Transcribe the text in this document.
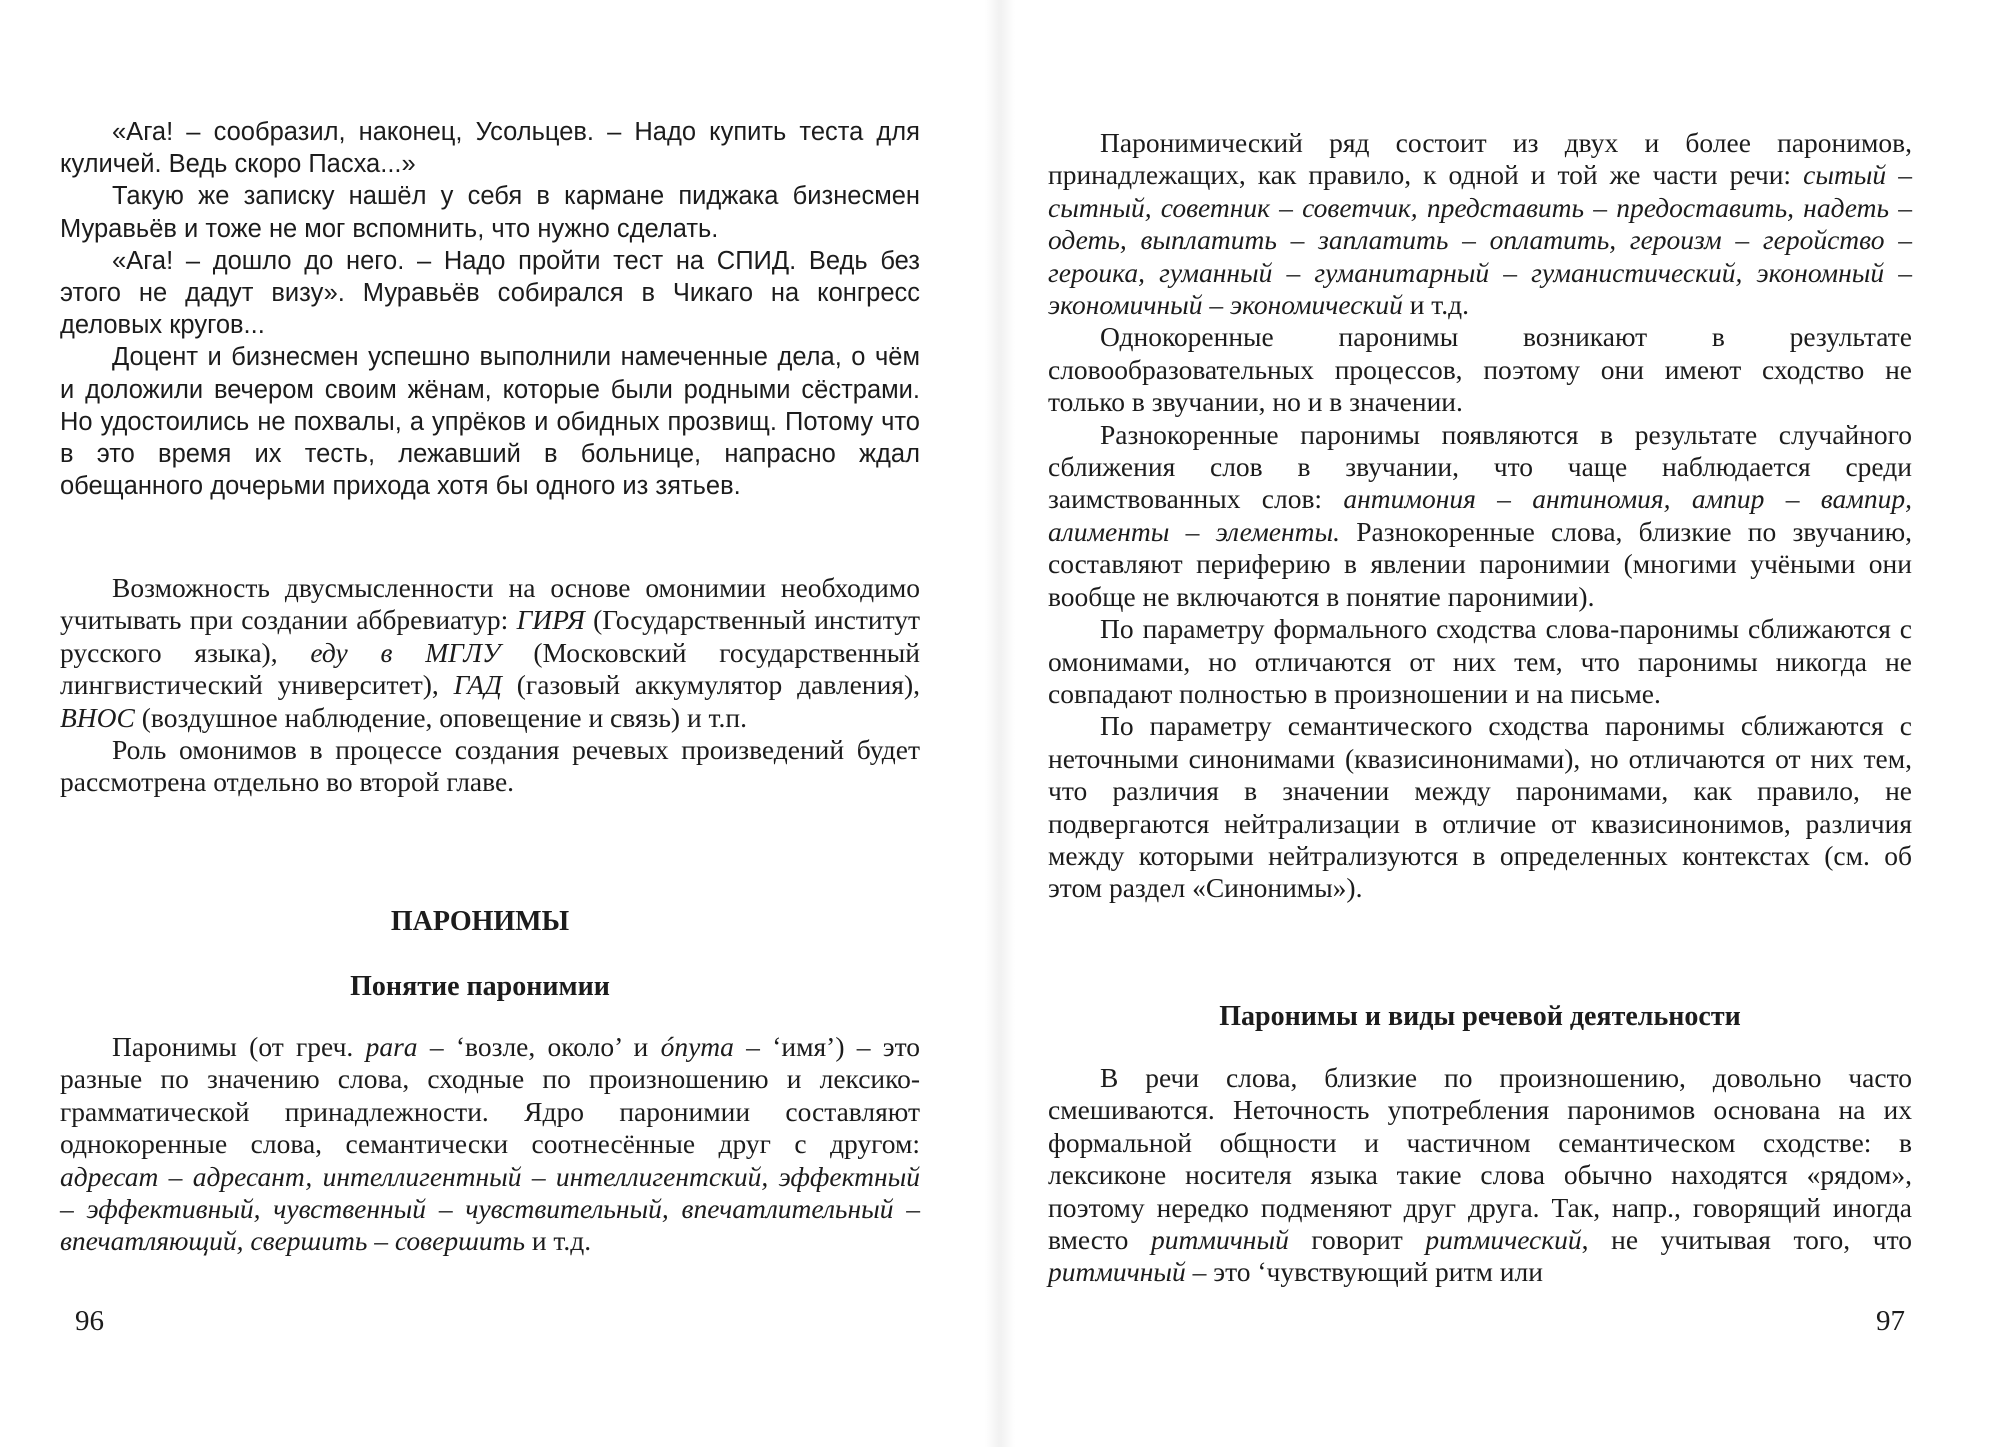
«Ага! – сообразил, наконец, Усольцев. – Надо купить теста для куличей. Ведь скоро Пасха...»

Такую же записку нашёл у себя в кармане пиджака бизнесмен Муравьёв и тоже не мог вспомнить, что нужно сделать.

«Ага! – дошло до него. – Надо пройти тест на СПИД. Ведь без этого не дадут визу». Муравьёв собирался в Чикаго на конгресс деловых кругов...

Доцент и бизнесмен успешно выполнили намеченные дела, о чём и доложили вечером своим жёнам, которые были родными сёстрами. Но удостоились не похвалы, а упрёков и обидных прозвищ. Потому что в это время их тесть, лежавший в больнице, напрасно ждал обещанного дочерьми прихода хотя бы одного из зятьев.

Возможность двусмысленности на основе омонимии необходимо учитывать при создании аббревиатур: ГИРЯ (Государственный институт русского языка), еду в МГЛУ (Московский государственный лингвистический университет), ГАД (газовый аккумулятор давления), ВНОС (воздушное наблюдение, оповещение и связь) и т.п.

Роль омонимов в процессе создания речевых произведений будет рассмотрена отдельно во второй главе.

ПАРОНИМЫ
Понятие паронимии

Паронимы (от греч. para – ‘возле, около’ и ónyma – ‘имя’) – это разные по значению слова, сходные по произношению и лексико-грамматической принадлежности. Ядро паронимии составляют однокоренные слова, семантически соотнесённые друг с другом: адресат – адресант, интеллигентный – интеллигентский, эффектный – эффективный, чувственный – чувствительный, впечатлительный – впечатляющий, свершить – совершить и т.д.

96

Паронимический ряд состоит из двух и более паронимов, принадлежащих, как правило, к одной и той же части речи: сытый – сытный, советник – советчик, представить – предоставить, надеть – одеть, выплатить – заплатить – оплатить, героизм – геройство – героика, гуманный – гуманитарный – гуманистический, экономный – экономичный – экономический и т.д.

Однокоренные паронимы возникают в результате словообразовательных процессов, поэтому они имеют сходство не только в звучании, но и в значении.

Разнокоренные паронимы появляются в результате случайного сближения слов в звучании, что чаще наблюдается среди заимствованных слов: антимония – антиномия, ампир – вампир, алименты – элементы. Разнокоренные слова, близкие по звучанию, составляют периферию в явлении паронимии (многими учёными они вообще не включаются в понятие паронимии).

По параметру формального сходства слова-паронимы сближаются с омонимами, но отличаются от них тем, что паронимы никогда не совпадают полностью в произношении и на письме.

По параметру семантического сходства паронимы сближаются с неточными синонимами (квазисинонимами), но отличаются от них тем, что различия в значении между паронимами, как правило, не подвергаются нейтрализации в отличие от квазисинонимов, различия между которыми нейтрализуются в определенных контекстах (см. об этом раздел «Синонимы»).

Паронимы и виды речевой деятельности

В речи слова, близкие по произношению, довольно часто смешиваются. Неточность употребления паронимов основана на их формальной общности и частичном семантическом сходстве: в лексиконе носителя языка такие слова обычно находятся «рядом», поэтому нередко подменяют друг друга. Так, напр., говорящий иногда вместо ритмичный говорит ритмический, не учитывая того, что ритмичный – это ‘чувствующий ритм или

97
